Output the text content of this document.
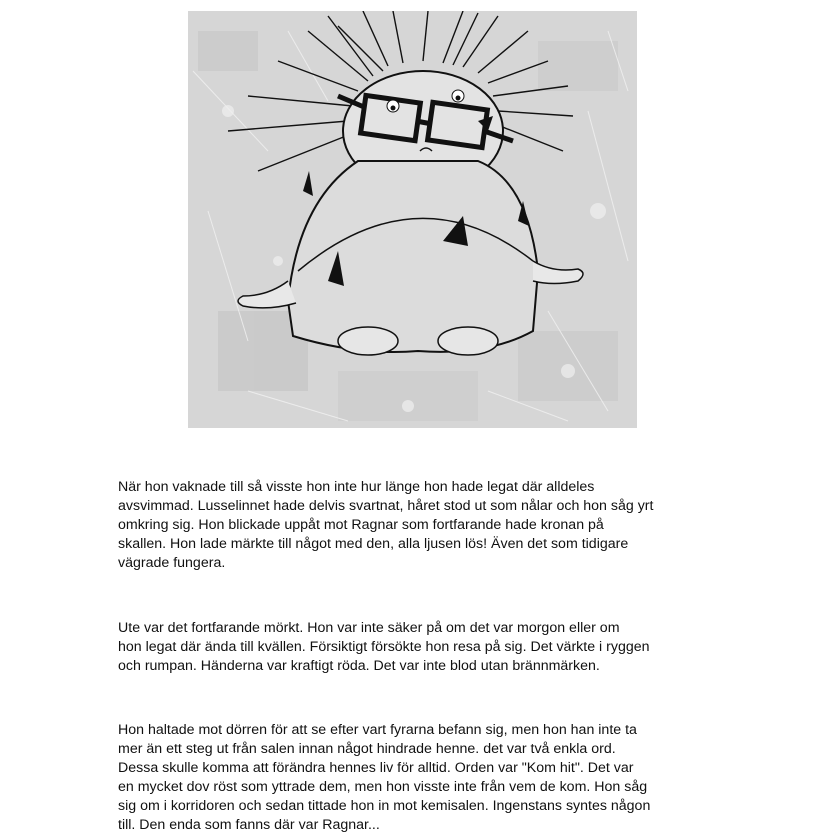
När hon vaknade till så visste hon inte hur länge hon hade legat där alldeles
avsvimmad. Lusselinnet hade delvis svartnat, håret stod ut som nålar och hon såg yrt
omkring sig. Hon blickade uppåt mot Ragnar som fortfarande hade kronan på
skallen. Hon lade märkte till något med den, alla ljusen lös! Även det som tidigare
vägrade fungera.

Ute var det fortfarande mörkt. Hon var inte säker på om det var morgon eller om
hon legat där ända till kvällen. Försiktigt försökte hon resa på sig. Det värkte i ryggen
och rumpan. Händerna var kraftigt röda. Det var inte blod utan brännmärken.

Hon haltade mot dörren för att se efter vart fyrarna befann sig, men hon han inte ta
mer än ett steg ut från salen innan något hindrade henne. det var två enkla ord.
Dessa skulle komma att förändra hennes liv för alltid. Orden var "Kom hit". Det var
en mycket dov röst som yttrade dem, men hon visste inte från vem de kom. Hon såg
sig om i korridoren och sedan tittade hon in mot kemisalen. Ingenstans syntes någon
till. Den enda som fanns där var Ragnar...
